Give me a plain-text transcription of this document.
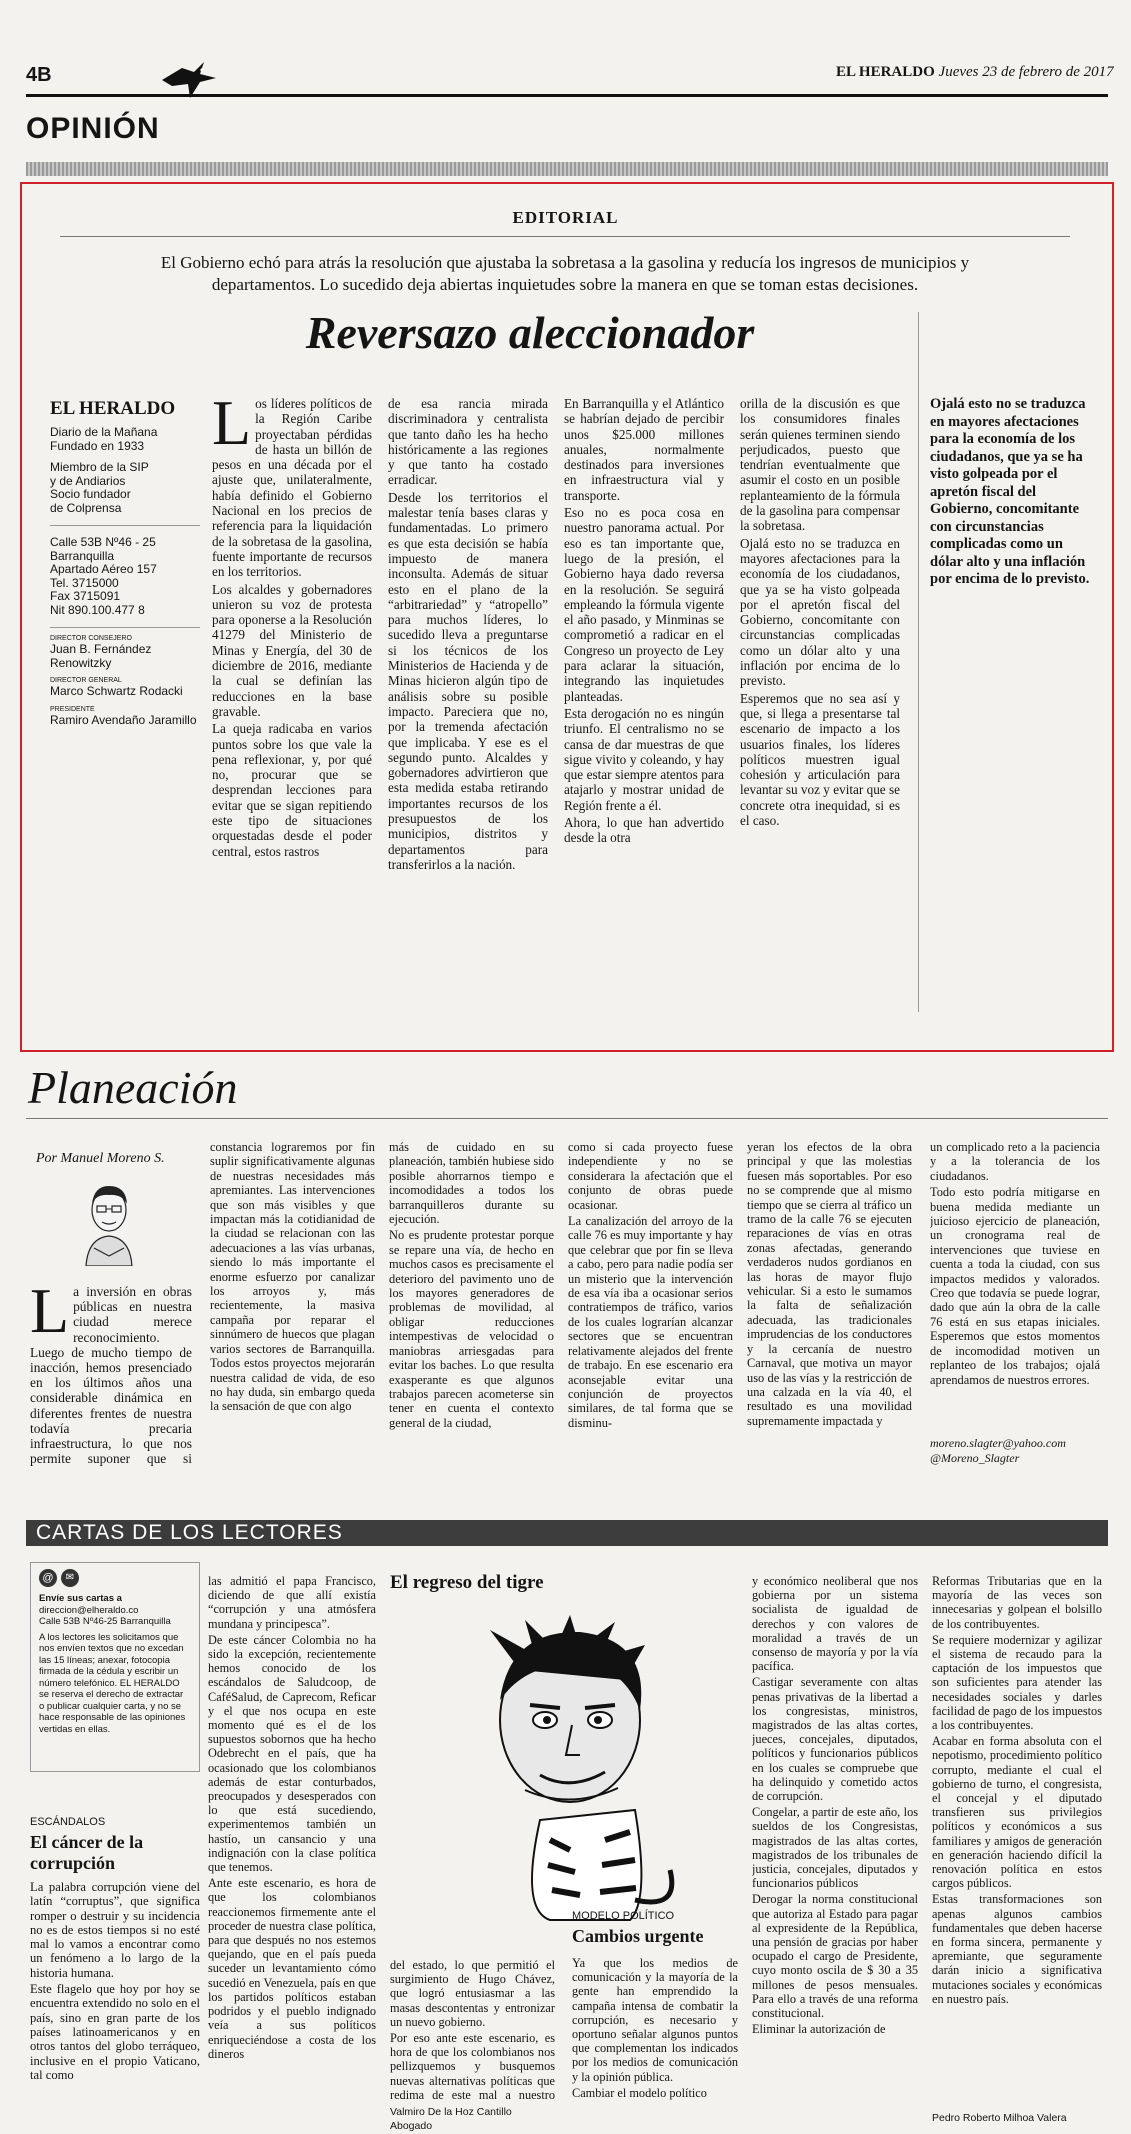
4B	EL HERALDO Jueves 23 de febrero de 2017
OPINIÓN
EDITORIAL
El Gobierno echó para atrás la resolución que ajustaba la sobretasa a la gasolina y reducía los ingresos de municipios y departamentos. Lo sucedido deja abiertas inquietudes sobre la manera en que se toman estas decisiones.
Reversazo aleccionador
EL HERALDO
Diario de la Mañana
Fundado en 1933
Miembro de la SIP
y de Andiarios
Socio fundador
de Colprensa
Calle 53B Nº46 - 25
Barranquilla
Apartado Aéreo 157
Tel. 3715000
Fax 3715091
Nit 890.100.477 8
DIRECTOR CONSEJERO
Juan B. Fernández Renowitzky
DIRECTOR GENERAL
Marco Schwartz Rodacki
PRESIDENTE
Ramiro Avendaño Jaramillo

Los líderes políticos de la Región Caribe proyectaban pérdidas de hasta un billón de pesos en una década por el ajuste que, unilateralmente, había definido el Gobierno Nacional en los precios de referencia para la liquidación de la sobretasa de la gasolina, fuente importante de recursos en los territorios.

Los alcaldes y gobernadores unieron su voz de protesta para oponerse a la Resolución 41279 del Ministerio de Minas y Energía, del 30 de diciembre de 2016, mediante la cual se definían las reducciones en la base gravable.

La queja radicaba en varios puntos sobre los que vale la pena reflexionar, y, por qué no, procurar que se desprendan lecciones para evitar que se sigan repitiendo este tipo de situaciones orquestadas desde el poder central, estos rastros

de esa rancia mirada discriminadora y centralista que tanto daño les ha hecho históricamente a las regiones y que tanto ha costado erradicar.

Desde los territorios el malestar tenía bases claras y fundamentadas. Lo primero es que esta decisión se había impuesto de manera inconsulta. Además de situar esto en el plano de la “arbitrariedad” y “atropello” para muchos líderes, lo sucedido lleva a preguntarse si los técnicos de los Ministerios de Hacienda y de Minas hicieron algún tipo de análisis sobre su posible impacto. Pareciera que no, por la tremenda afectación que implicaba. Y ese es el segundo punto. Alcaldes y gobernadores advirtieron que esta medida estaba retirando importantes recursos de los presupuestos de los municipios, distritos y departamentos para transferirlos a la nación.

En Barranquilla y el Atlántico se habrían dejado de percibir unos $25.000 millones anuales, normalmente destinados para inversiones en infraestructura vial y transporte.

Eso no es poca cosa en nuestro panorama actual. Por eso es tan importante que, luego de la presión, el Gobierno haya dado reversa en la resolución. Se seguirá empleando la fórmula vigente el año pasado, y Minminas se comprometió a radicar en el Congreso un proyecto de Ley para aclarar la situación, integrando las inquietudes planteadas.

Esta derogación no es ningún triunfo. El centralismo no se cansa de dar muestras de que sigue vivito y coleando, y hay que estar siempre atentos para atajarlo y mostrar unidad de Región frente a él.

Ahora, lo que han advertido desde la otra

orilla de la discusión es que los consumidores finales serán quienes terminen siendo perjudicados, puesto que tendrían eventualmente que asumir el costo en un posible replanteamiento de la fórmula de la gasolina para compensar la sobretasa.

Ojalá esto no se traduzca en mayores afectaciones para la economía de los ciudadanos, que ya se ha visto golpeada por el apretón fiscal del Gobierno, concomitante con circunstancias complicadas como un dólar alto y una inflación por encima de lo previsto.

Esperemos que no sea así y que, si llega a presentarse tal escenario de impacto a los usuarios finales, los líderes políticos muestren igual cohesión y articulación para levantar su voz y evitar que se concrete otra inequidad, si es el caso.

Ojalá esto no se traduzca en mayores afectaciones para la economía de los ciudadanos, que ya se ha visto golpeada por el apretón fiscal del Gobierno, concomitante con circunstancias complicadas como un dólar alto y una inflación por encima de lo previsto.
Planeación
Por Manuel Moreno S.

La inversión en obras públicas en nuestra ciudad merece reconocimiento. Luego de mucho tiempo de inacción, hemos presenciado en los últimos años una considerable dinámica en diferentes frentes de nuestra todavía precaria infraestructura, lo que nos permite suponer que si

constancia lograremos por fin suplir significativamente algunas de nuestras necesidades más apremiantes. Las intervenciones que son más visibles y que impactan más la cotidianidad de la ciudad se relacionan con las adecuaciones a las vías urbanas, siendo lo más importante el enorme esfuerzo por canalizar los arroyos y, más recientemente, la masiva campaña por reparar el sinnúmero de huecos que plagan varios sectores de Barranquilla. Todos estos proyectos mejorarán nuestra calidad de vida, de eso no hay duda, sin embargo queda la sensación de que con algo

más de cuidado en su planeación, también hubiese sido posible ahorrarnos tiempo e incomodidades a todos los barranquilleros durante su ejecución.

No es prudente protestar porque se repare una vía, de hecho en muchos casos es precisamente el deterioro del pavimento uno de los mayores generadores de problemas de movilidad, al obligar reducciones intempestivas de velocidad o maniobras arriesgadas para evitar los baches. Lo que resulta exasperante es que algunos trabajos parecen acometerse sin tener en cuenta el contexto general de la ciudad,

como si cada proyecto fuese independiente y no se considerara la afectación que el conjunto de obras puede ocasionar.

La canalización del arroyo de la calle 76 es muy importante y hay que celebrar que por fin se lleva a cabo, pero para nadie podía ser un misterio que la intervención de esa vía iba a ocasionar serios contratiempos de tráfico, varios de los cuales lograrían alcanzar sectores que se encuentran relativamente alejados del frente de trabajo. En ese escenario era aconsejable evitar una conjunción de proyectos similares, de tal forma que se disminu-

yeran los efectos de la obra principal y que las molestias fuesen más soportables. Por eso no se comprende que al mismo tiempo que se cierra al tráfico un tramo de la calle 76 se ejecuten reparaciones de vías en otras zonas afectadas, generando verdaderos nudos gordianos en las horas de mayor flujo vehicular. Si a esto le sumamos la falta de señalización adecuada, las tradicionales imprudencias de los conductores y la cercanía de nuestro Carnaval, que motiva un mayor uso de las vías y la restricción de una calzada en la vía 40, el resultado es una movilidad supremamente impactada y

un complicado reto a la paciencia y a la tolerancia de los ciudadanos.

Todo esto podría mitigarse en buena medida mediante un juicioso ejercicio de planeación, un cronograma real de intervenciones que tuviese en cuenta a toda la ciudad, con sus impactos medidos y valorados. Creo que todavía se puede lograr, dado que aún la obra de la calle 76 está en sus etapas iniciales. Esperemos que estos momentos de incomodidad motiven un replanteo de los trabajos; ojalá aprendamos de nuestros errores.

moreno.slagter@yahoo.com
@Moreno_Slagter
CARTAS DE LOS LECTORES
@	✉
Envíe sus cartas a
direccion@elheraldo.co
Calle 53B Nº46-25 Barranquilla
A los lectores les solicitamos que nos envíen textos que no excedan las 15 líneas; anexar, fotocopia firmada de la cédula y escribir un número telefónico. EL HERALDO se reserva el derecho de extractar o publicar cualquier carta, y no se hace responsable de las opiniones vertidas en ellas.
ESCÁNDALOS
El cáncer de la corrupción

La palabra corrupción viene del latín “corruptus”, que significa romper o destruir y su incidencia no es de estos tiempos si no esté mal lo vamos a encontrar como un fenómeno a lo largo de la historia humana.

Este flagelo que hoy por hoy se encuentra extendido no solo en el país, sino en gran parte de los países latinoamericanos y en otros tantos del globo terráqueo, inclusive en el propio Vaticano, tal como

las admitió el papa Francisco, diciendo de que allí existía “corrupción y una atmósfera mundana y principesca”.

De este cáncer Colombia no ha sido la excepción, recientemente hemos conocido de los escándalos de Saludcoop, de CaféSalud, de Caprecom, Reficar y el que nos ocupa en este momento qué es el de los supuestos sobornos que ha hecho Odebrecht en el país, que ha ocasionado que los colombianos además de estar conturbados, preocupados y desesperados con lo que está sucediendo, experimentemos también un hastío, un cansancio y una indignación con la clase política que tenemos.

Ante este escenario, es hora de que los colombianos reaccionemos firmemente ante el proceder de nuestra clase política, para que después no nos estemos quejando, que en el país pueda suceder un levantamiento cómo sucedió en Venezuela, país en que los partidos políticos estaban podridos y el pueblo indignado veía a sus políticos enriqueciéndose a costa de los dineros

El regreso del tigre

del estado, lo que permitió el surgimiento de Hugo Chávez, que logró entusiasmar a las masas descontentas y entronizar un nuevo gobierno.

Por eso ante este escenario, es hora de que los colombianos nos pellizquemos y busquemos nuevas alternativas políticas que redima de este mal a nuestro

Valmiro De la Hoz Cantillo
Abogado
MODELO POLÍTICO
Cambios urgente

Ya que los medios de comunicación y la mayoría de la gente han emprendido la campaña intensa de combatir la corrupción, es necesario y oportuno señalar algunos puntos que complementan los indicados por los medios de comunicación y la opinión pública.

Cambiar el modelo político

y económico neoliberal que nos gobierna por un sistema socialista de igualdad de derechos y con valores de moralidad a través de un consenso de mayoría y por la vía pacífica.

Castigar severamente con altas penas privativas de la libertad a los congresistas, ministros, magistrados de las altas cortes, jueces, concejales, diputados, políticos y funcionarios públicos en los cuales se compruebe que ha delinquido y cometido actos de corrupción.

Congelar, a partir de este año, los sueldos de los Congresistas, magistrados de las altas cortes, magistrados de los tribunales de justicia, concejales, diputados y funcionarios públicos

Derogar la norma constitucional que autoriza al Estado para pagar al expresidente de la República, una pensión de gracias por haber ocupado el cargo de Presidente, cuyo monto oscila de $ 30 a 35 millones de pesos mensuales. Para ello a través de una reforma constitucional.

Eliminar la autorización de

Reformas Tributarias que en la mayoría de las veces son innecesarias y golpean el bolsillo de los contribuyentes.

Se requiere modernizar y agilizar el sistema de recaudo para la captación de los impuestos que son suficientes para atender las necesidades sociales y darles facilidad de pago de los impuestos a los contribuyentes.

Acabar en forma absoluta con el nepotismo, procedimiento político corrupto, mediante el cual el gobierno de turno, el congresista, el concejal y el diputado transfieren sus privilegios políticos y económicos a sus familiares y amigos de generación en generación haciendo difícil la renovación política en estos cargos públicos.

Estas transformaciones son apenas algunos cambios fundamentales que deben hacerse en forma sincera, permanente y apremiante, que seguramente darán inicio a significativa mutaciones sociales y económicas en nuestro país.

Pedro Roberto Milhoa Valera
